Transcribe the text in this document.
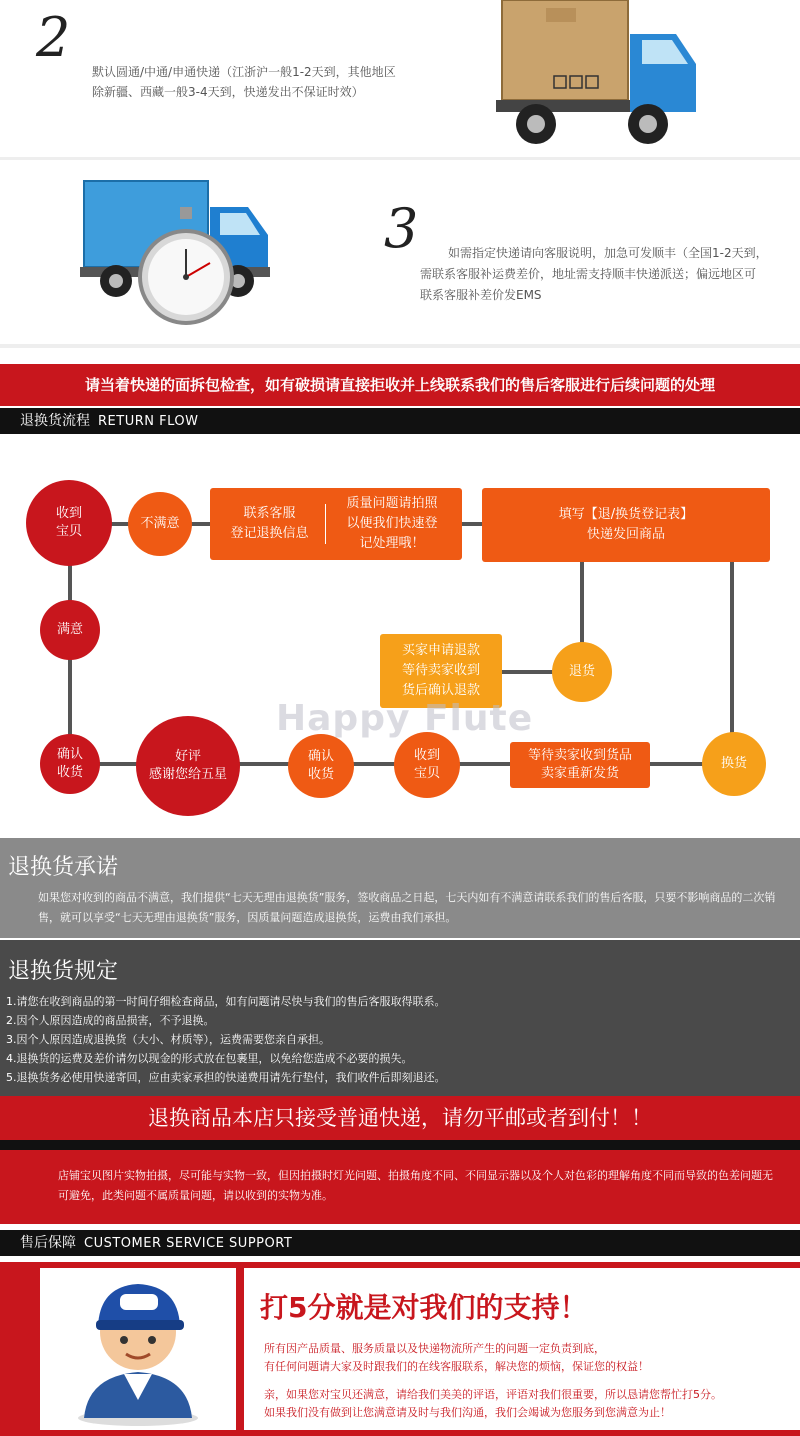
2
默认圆通/中通/申通快递（江浙沪一般1-2天到，其他地区
除新疆、西藏一般3-4天到，快递发出不保证时效）
3	如需指定快递请向客服说明，加急可发顺丰（全国1-2天到，
需联系客服补运费差价，地址需支持顺丰快递派送；偏远地区可
联系客服补差价发EMS
请当着快递的面拆包检查，如有破损请直接拒收并上线联系我们的售后客服进行后续问题的处理
退换货流程 RETURN FLOW
收到
宝贝
不满意
联系客服
登记退换信息
质量问题请拍照
以便我们快速登
记处理哦！
填写【退/换货登记表】
快递发回商品
满意
买家申请退款
等待卖家收到
货后确认退款
退货
确认
收货
好评
感谢您给五星
确认
收货
收到
宝贝
等待卖家收到货品
卖家重新发货
换货
Happy Flute
退换货承诺
如果您对收到的商品不满意，我们提供“七天无理由退换货”服务，签收商品之日起，七天内如有不满意请联系我们的售后客服，只要不影响商品的二次销售，就可以享受“七天无理由退换货”服务，因质量问题造成退换货，运费由我们承担。
退换货规定
1.请您在收到商品的第一时间仔细检查商品，如有问题请尽快与我们的售后客服取得联系。
2.因个人原因造成的商品损害，不予退换。
3.因个人原因造成退换货（大小、材质等），运费需要您亲自承担。
4.退换货的运费及差价请勿以现金的形式放在包裹里，以免给您造成不必要的损失。
5.退换货务必使用快递寄回，应由卖家承担的快递费用请先行垫付，我们收件后即刻退还。
退换商品本店只接受普通快递，请勿平邮或者到付！！
店铺宝贝图片实物拍摄，尽可能与实物一致，但因拍摄时灯光问题、拍摄角度不同、不同显示器以及个人对色彩的理解角度不同而导致的色差问题无可避免，此类问题不属质量问题，请以收到的实物为准。
售后保障 CUSTOMER SERVICE SUPPORT
打5分就是对我们的支持！
所有因产品质量、服务质量以及快递物流所产生的问题一定负责到底，
有任何问题请大家及时跟我们的在线客服联系，解决您的烦恼，保证您的权益！
亲，如果您对宝贝还满意，请给我们美美的评语，评语对我们很重要，所以恳请您帮忙打5分。
如果我们没有做到让您满意请及时与我们沟通，我们会竭诚为您服务到您满意为止！
